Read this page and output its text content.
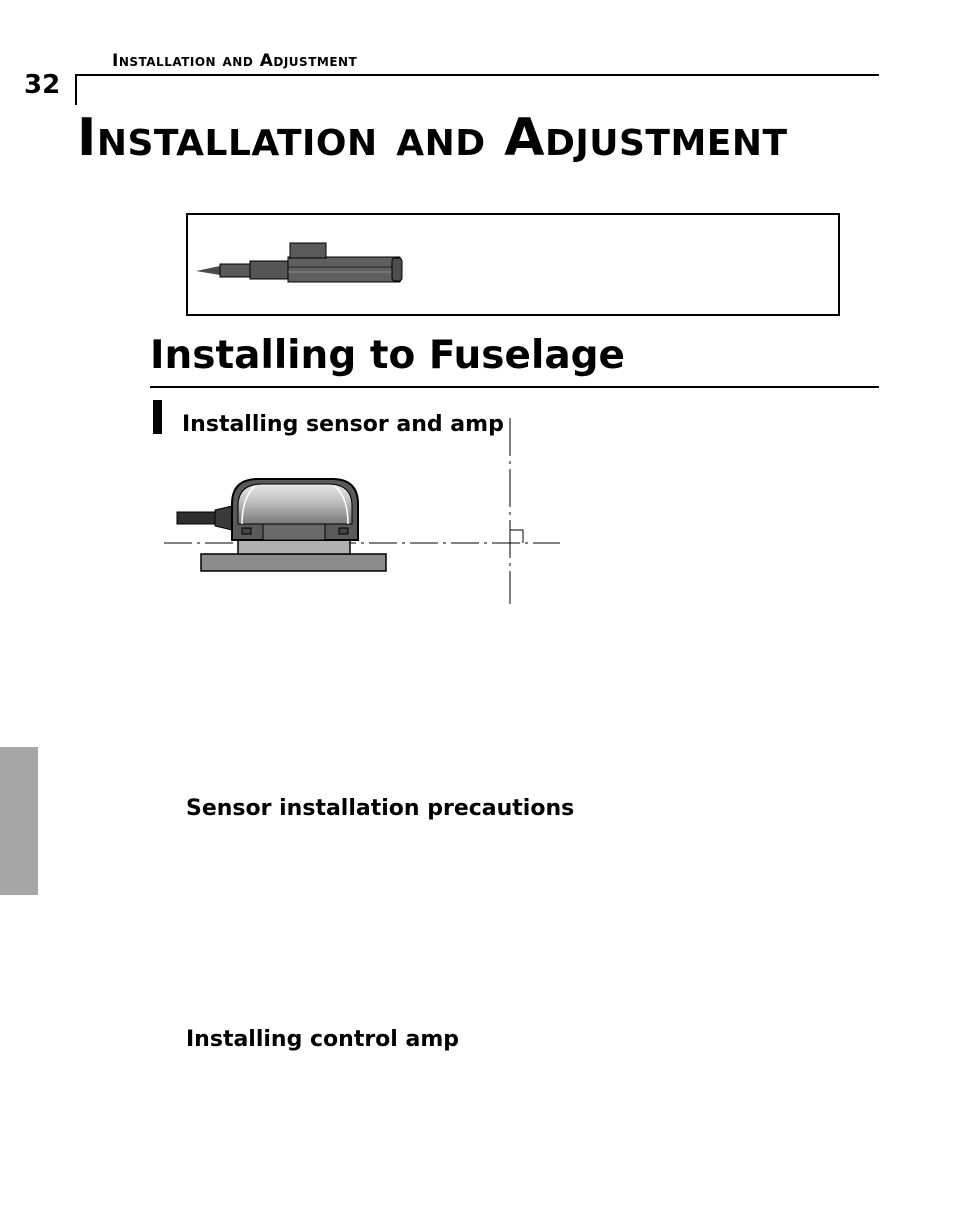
32
Installation and Adjustment
Installation and Adjustment
Installing to Fuselage
Installing sensor and amp
Sensor installation precautions
Installing control amp
